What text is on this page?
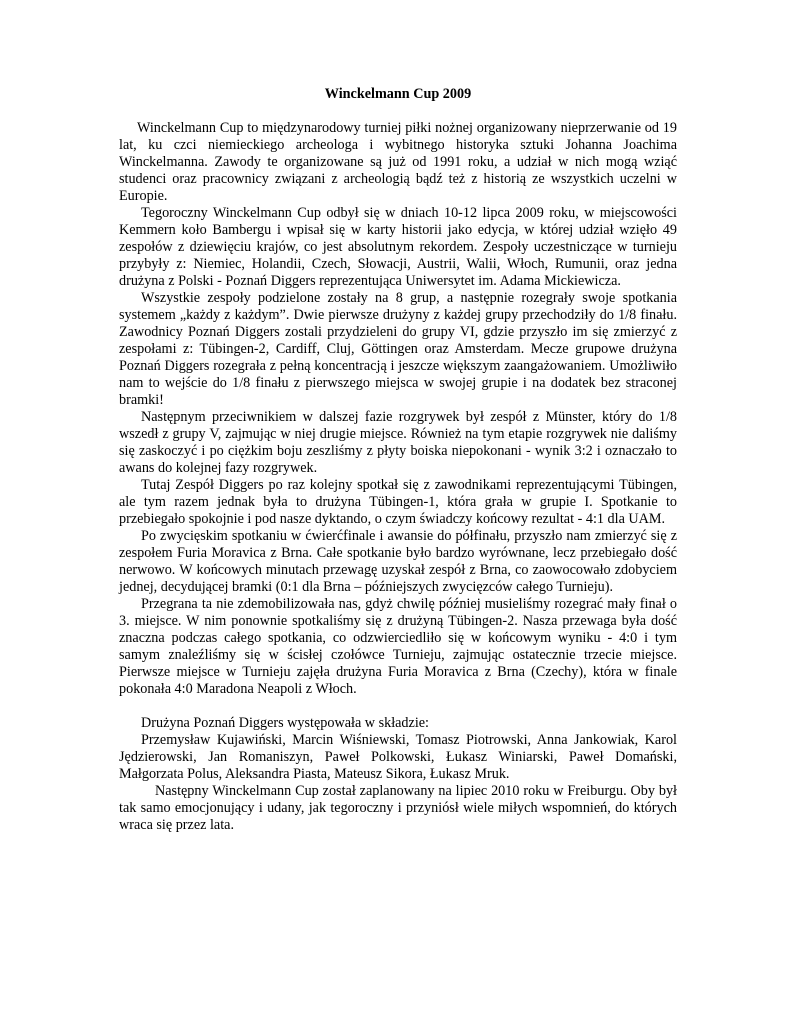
Winckelmann Cup 2009

Winckelmann Cup to międzynarodowy turniej piłki nożnej organizowany nieprzerwanie od 19 lat, ku czci niemieckiego archeologa i wybitnego historyka sztuki Johanna Joachima Winckelmanna. Zawody te organizowane są już od 1991 roku, a udział w nich mogą wziąć studenci oraz pracownicy związani z archeologią bądź też z historią ze wszystkich uczelni w Europie.

Tegoroczny Winckelmann Cup odbył się w dniach 10-12 lipca 2009 roku, w miejscowości Kemmern koło Bambergu i wpisał się w karty historii jako edycja, w której udział wzięło 49 zespołów z dziewięciu krajów, co jest absolutnym rekordem. Zespoły uczestniczące w turnieju przybyły z: Niemiec, Holandii, Czech, Słowacji, Austrii, Walii, Włoch, Rumunii, oraz jedna drużyna z Polski - Poznań Diggers reprezentująca Uniwersytet im. Adama Mickiewicza.

Wszystkie zespoły podzielone zostały na 8 grup, a następnie rozegrały swoje spotkania systemem „każdy z każdym”. Dwie pierwsze drużyny z każdej grupy przechodziły do 1/8 finału. Zawodnicy Poznań Diggers zostali przydzieleni do grupy VI, gdzie przyszło im się zmierzyć z zespołami z: Tübingen-2, Cardiff, Cluj, Göttingen oraz Amsterdam. Mecze grupowe drużyna Poznań Diggers rozegrała z pełną koncentracją i jeszcze większym zaangażowaniem. Umożliwiło nam to wejście do 1/8 finału z pierwszego miejsca w swojej grupie i na dodatek bez straconej bramki!

Następnym przeciwnikiem w dalszej fazie rozgrywek był zespół z Münster, który do 1/8 wszedł z grupy V, zajmując w niej drugie miejsce. Również na tym etapie rozgrywek nie daliśmy się zaskoczyć i po ciężkim boju zeszliśmy z płyty boiska niepokonani - wynik 3:2 i oznaczało to awans do kolejnej fazy rozgrywek.

Tutaj Zespół Diggers po raz kolejny spotkał się z zawodnikami reprezentującymi Tübingen, ale tym razem jednak była to drużyna Tübingen-1, która grała w grupie I. Spotkanie to przebiegało spokojnie i pod nasze dyktando, o czym świadczy końcowy rezultat - 4:1 dla UAM.

Po zwycięskim spotkaniu w ćwierćfinale i awansie do półfinału, przyszło nam zmierzyć się z zespołem Furia Moravica z Brna. Całe spotkanie było bardzo wyrównane, lecz przebiegało dość nerwowo. W końcowych minutach przewagę uzyskał zespół z Brna, co zaowocowało zdobyciem jednej, decydującej bramki (0:1 dla Brna – późniejszych zwycięzców całego Turnieju).

Przegrana ta nie zdemobilizowała nas, gdyż chwilę później musieliśmy rozegrać mały finał o 3. miejsce. W nim ponownie spotkaliśmy się z drużyną Tübingen-2. Nasza przewaga była dość znaczna podczas całego spotkania, co odzwierciedliło się w końcowym wyniku - 4:0 i tym samym znaleźliśmy się w ścisłej czołówce Turnieju, zajmując ostatecznie trzecie miejsce. Pierwsze miejsce w Turnieju zajęła drużyna Furia Moravica z Brna (Czechy), która w finale pokonała 4:0 Maradona Neapoli z Włoch.

Drużyna Poznań Diggers występowała w składzie:

Przemysław Kujawiński, Marcin Wiśniewski, Tomasz Piotrowski, Anna Jankowiak, Karol Jędzierowski, Jan Romaniszyn, Paweł Polkowski, Łukasz Winiarski, Paweł Domański, Małgorzata Polus, Aleksandra Piasta, Mateusz Sikora, Łukasz Mruk.

Następny Winckelmann Cup został zaplanowany na lipiec 2010 roku w Freiburgu. Oby był tak samo emocjonujący i udany, jak tegoroczny i przyniósł wiele miłych wspomnień, do których wraca się przez lata.
